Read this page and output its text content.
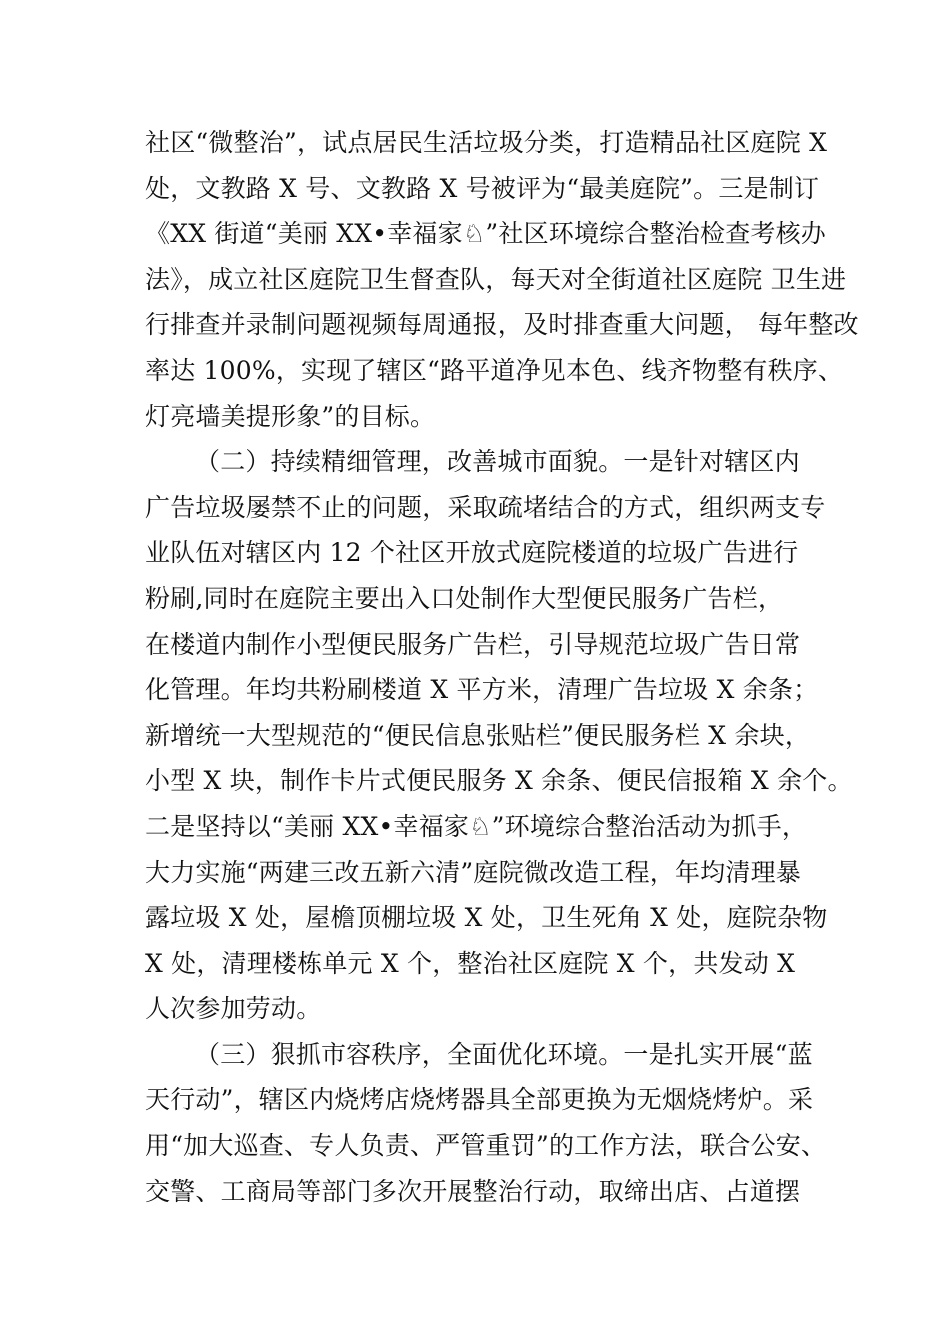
社区“微整治”，试点居民生活垃圾分类，打造精品社区庭院 X
处，文教路 X 号、文教路 X 号被评为“最美庭院”。三是制订
《XX 街道“美丽 XX•幸福家♘”社区环境综合整治检查考核办
法》，成立社区庭院卫生督查队，每天对全街道社区庭院 卫生进
行排查并录制问题视频每周通报，及时排查重大问题， 每年整改
率达 100%，实现了辖区“路平道净见本色、线齐物整有秩序、
灯亮墙美提形象”的目标。
（二）持续精细管理，改善城市面貌。一是针对辖区内
广告垃圾屡禁不止的问题，采取疏堵结合的方式，组织两支专
业队伍对辖区内 12 个社区开放式庭院楼道的垃圾广告进行
粉刷,同时在庭院主要出入口处制作大型便民服务广告栏，
在楼道内制作小型便民服务广告栏，引导规范垃圾广告日常
化管理。年均共粉刷楼道 X 平方米，清理广告垃圾 X 余条；
新增统一大型规范的“便民信息张贴栏”便民服务栏 X 余块，
小型 X 块，制作卡片式便民服务 X 余条、便民信报箱 X 余个。
二是坚持以“美丽 XX•幸福家♘”环境综合整治活动为抓手，
大力实施“两建三改五新六清”庭院微改造工程，年均清理暴
露垃圾 X 处，屋檐顶棚垃圾 X 处，卫生死角 X 处，庭院杂物
X 处，清理楼栋单元 X 个，整治社区庭院 X 个，共发动 X
人次参加劳动。
（三）狠抓市容秩序，全面优化环境。一是扎实开展“蓝
天行动”，辖区内烧烤店烧烤器具全部更换为无烟烧烤炉。采
用“加大巡查、专人负责、严管重罚”的工作方法，联合公安、
交警、工商局等部门多次开展整治行动，取缔出店、占道摆
